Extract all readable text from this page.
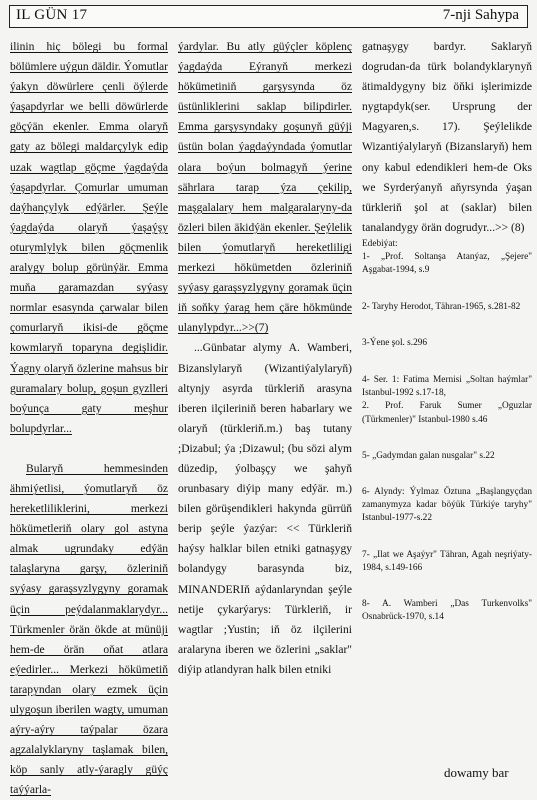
IL GÜN 17	7-nji Sahypa

ilinin hiç bölegi bu formal bölümlere uýgun däldir. Ýomutlar ýakyn döwürlere çenli öýlerde ýaşapdyrlar we belli döwürlerde göçýän ekenler. Emma olaryň gaty az bölegi maldarçylyk edip uzak wagtlap göçme ýagdaýda ýaşapdyrlar. Çomurlar umuman daýhançylyk edýärler. Şeýle ýagdaýda olaryň ýaşaýşy oturymlylyk bilen göçmenlik aralygy bolup görünýär. Emma muňa garamazdan syýasy normlar esasynda çarwalar bilen çomurlaryň ikisi-de göçme kowmlaryň toparyna degişlidir. Ýagny olaryň özlerine mahsus bir guramalary bolup, goşun gyzlleri boýunça gaty meşhur bolupdyrlar...

Bularyň hemmesinden ähmiýetlisi, ýomutlaryň öz hereketliliklerini, merkezi hökümetleriň olary gol astyna almak ugrundaky edýän talaşlaryna garşy, özleriniň syýasy garaşsyzlygyny goramak üçin peýdalanmaklarydyr... Türkmenler örän ökde at münüji hem-de örän oňat atlara eýedirler... Merkezi hökümetiň tarapyndan olary ezmek üçin ulygoşun iberilen wagty, umuman aýry-aýry taýpalar özara agzalalyklaryny taşlamak bilen, köp sanly atly-ýaragly güýç taýýarla-

ýardylar. Bu atly güýçler köplenç ýagdaýda Eýranyň merkezi hökümetiniň garşysynda öz üstünliklerini saklap bilipdirler. Emma garşysyndaky goşunyň güýji üstün bolan ýagdaýyndada ýomutlar olara boýun bolmagyň ýerine sährlara tarap ýza çekilip, maşgalalary hem malgaralaryny-da özleri bilen äkidýän ekenler. Şeýlelik bilen ýomutlaryň hereketliligi merkezi hökümetden özleriniň syýasy garaşsyzlygyny goramak üçin iň soňky ýarag hem çäre hökmünde ulanylypdyr...>>(7)

...Günbatar alymy A. Wamberi, Bizanslylaryň (Wizantiýalylaryň) altynjy asyrda türkleriň arasyna iberen ilçileriniň beren habarlary we olaryň (türkleriň.m.) baş tutany ;Dizabul; ýa ;Dizawul; (bu sözi alym düzedip, ýolbaşçy we şahyň orunbasary diýip many edýär. m.) bilen görüşendikleri hakynda gürrüň berip şeýle ýazýar: << Türkleriň haýsy halklar bilen etniki gatnaşygy bolandygy barasynda biz, MINANDERIň aýdanlaryndan şeýle netije çykarýarys: Türkleriň, ir wagtlar ;Yustin; iň öz ilçilerini aralaryna iberen we özlerini „saklar" diýip atlandyran halk bilen etniki

gatnaşygy bardyr. Saklaryň dogrudan-da türk bolandyklarynyň ätimaldygyny biz öňki işlerimizde nygtapdyk(ser. Ursprung der Magyaren,s. 17). Şeýlelikde Wizantiýalylaryň (Bizanslaryň) hem ony kabul edendikleri hem-de Oks we Syrderýanyň aňyrsynda ýaşan türkleriň şol at (saklar) bilen tanalandygy örän dogrudyr...>> (8)

Edebiýat:

1- „Prof. Soltanşa Atanýaz, „Şejere" Aşgabat-1994, s.9

2- Taryhy Herodot, Tähran-1965, s.281-82

3-Ýene şol. s.296

4- Ser. 1: Fatima Mernisi „Soltan haýmlar" Istanbul-1992 s.17-18,

2. Prof. Faruk Sumer „Oguzlar (Türkmenler)" Istanbul-1980 s.46

5- „Gadymdan galan nusgalar" s.22

6- Alyndy: Ýylmaz Öztuna „Başlangyçdan zamanymyza kadar böýük Türkiýe taryhy" Istanbul-1977-s.22

7- „Ilat we Aşaýyr" Tähran, Agah neşriýaty-1984, s.149-166

8- A. Wamberi „Das Turkenvolks" Osnabrück-1970, s.14

dowamy bar
